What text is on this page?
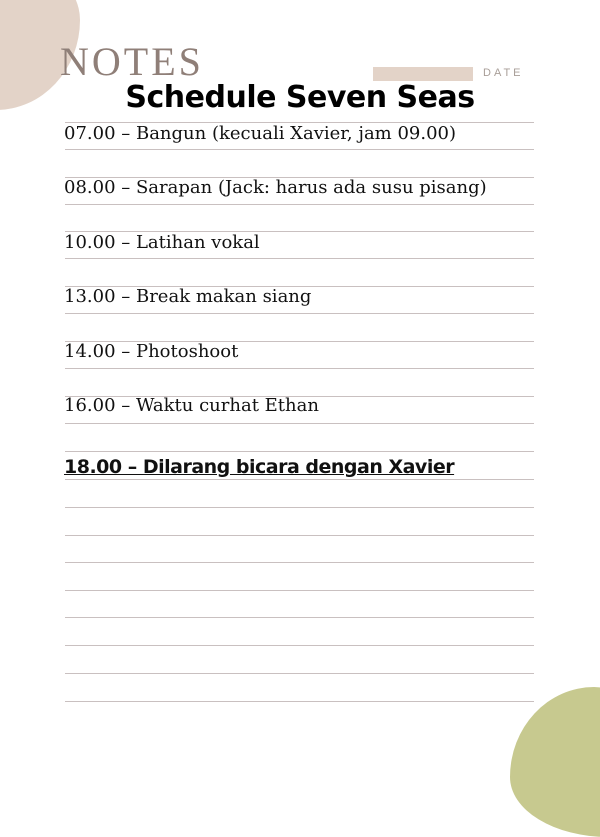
NOTES	DATE
Schedule Seven Seas
07.00 – Bangun (kecuali Xavier, jam 09.00)
08.00 – Sarapan (Jack: harus ada susu pisang)
10.00 – Latihan vokal
13.00 – Break makan siang
14.00 – Photoshoot
16.00 – Waktu curhat Ethan
18.00 – Dilarang bicara dengan Xavier
